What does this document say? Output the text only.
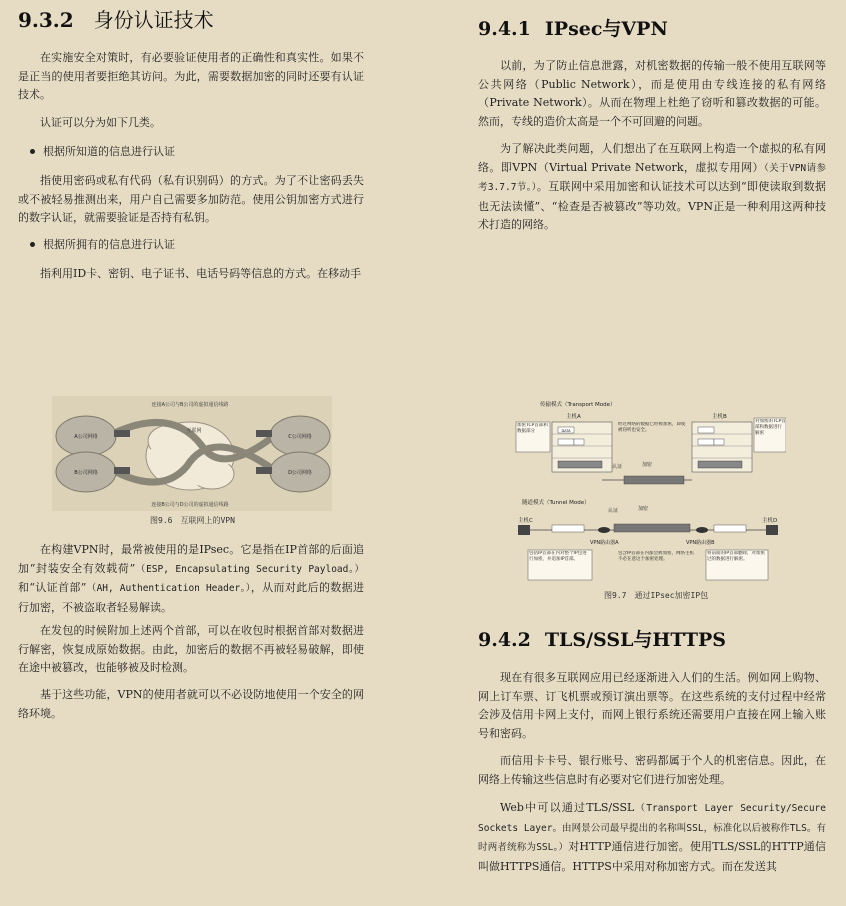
9.3.2 身份认证技术

在实施安全对策时，有必要验证使用者的正确性和真实性。如果不是正当的使用者要拒绝其访问。为此，需要数据加密的同时还要有认证技术。

认证可以分为如下几类。

根据所知道的信息进行认证

指使用密码或私有代码（私有识别码）的方式。为了不让密码丢失或不被轻易推测出来，用户自己需要多加防范。使用公钥加密方式进行的数字认证，就需要验证是否持有私钥。

根据所拥有的信息进行认证

指利用ID卡、密钥、电子证书、电话号码等信息的方式。在移动手

连接A公司与B公司的虚拟通信线路
连接B公司与D公司的虚拟通信线路
互联网
A公司网络
B公司网络
C公司网络
D公司网络
图9.6　互联网上的VPN

在构建VPN时，最常被使用的是IPsec。它是指在IP首部的后面追加“封装安全有效载荷”（ESP, Encapsulating Security Payload。）和“认证首部”（AH, Authentication Header。），从而对此后的数据进行加密，不被盗取者轻易解读。

在发包的时候附加上述两个首部，可以在收包时根据首部对数据进行解密，恢复成原始数据。由此，加密后的数据不再被轻易破解，即使在途中被篡改，也能够被及时检测。

基于这些功能，VPN的使用者就可以不必设防地使用一个安全的网络环境。

9.4.1 IPsec与VPN

以前，为了防止信息泄露，对机密数据的传输一般不使用互联网等公共网络（Public Network），而是使用由专线连接的私有网络（Private Network）。从而在物理上杜绝了窃听和篡改数据的可能。然而，专线的造价太高是一个不可回避的问题。

为了解决此类问题，人们想出了在互联网上构造一个虚拟的私有网络。即VPN（Virtual Private Network，虚拟专用网）（关于VPN请参考3.7.7节。）。互联网中采用加密和认证技术可以达到“即使读取到数据也无法读懂”、“检查是否被篡改”等功效。VPN正是一种利用这两种技术打造的网络。

传输模式（Transport Mode）
主机A	主机B
DATA
加密TCP首部和数据部分
经过网络的数据已经被加密，即使被窃听也安全。
对加密的TCP首部和数据进行解密
认证	加密
隧道模式（Tunnel Mode）
主机C	主机D
认证	加密
VPN路由器A	VPN路由器B
包括IP首部在内对整个IP包进行加密，并追加IP首部。
包含IP首部在内都会被加密，网络主机不必在意这个加密处理。
将前面的IP首部删除，对加密过的数据进行解密。
图9.7　通过IPsec加密IP包
9.4.2 TLS/SSL与HTTPS

现在有很多互联网应用已经逐渐进入人们的生活。例如网上购物、网上订车票、订飞机票或预订演出票等。在这些系统的支付过程中经常会涉及信用卡网上支付，而网上银行系统还需要用户直接在网上输入账号和密码。

而信用卡卡号、银行账号、密码都属于个人的机密信息。因此，在网络上传输这些信息时有必要对它们进行加密处理。

Web中可以通过TLS/SSL（Transport Layer Security/Secure Sockets Layer。由网景公司最早提出的名称叫SSL，标准化以后被称作TLS。有时两者统称为SSL。）对HTTP通信进行加密。使用TLS/SSL的HTTP通信叫做HTTPS通信。HTTPS中采用对称加密方式。而在发送其
